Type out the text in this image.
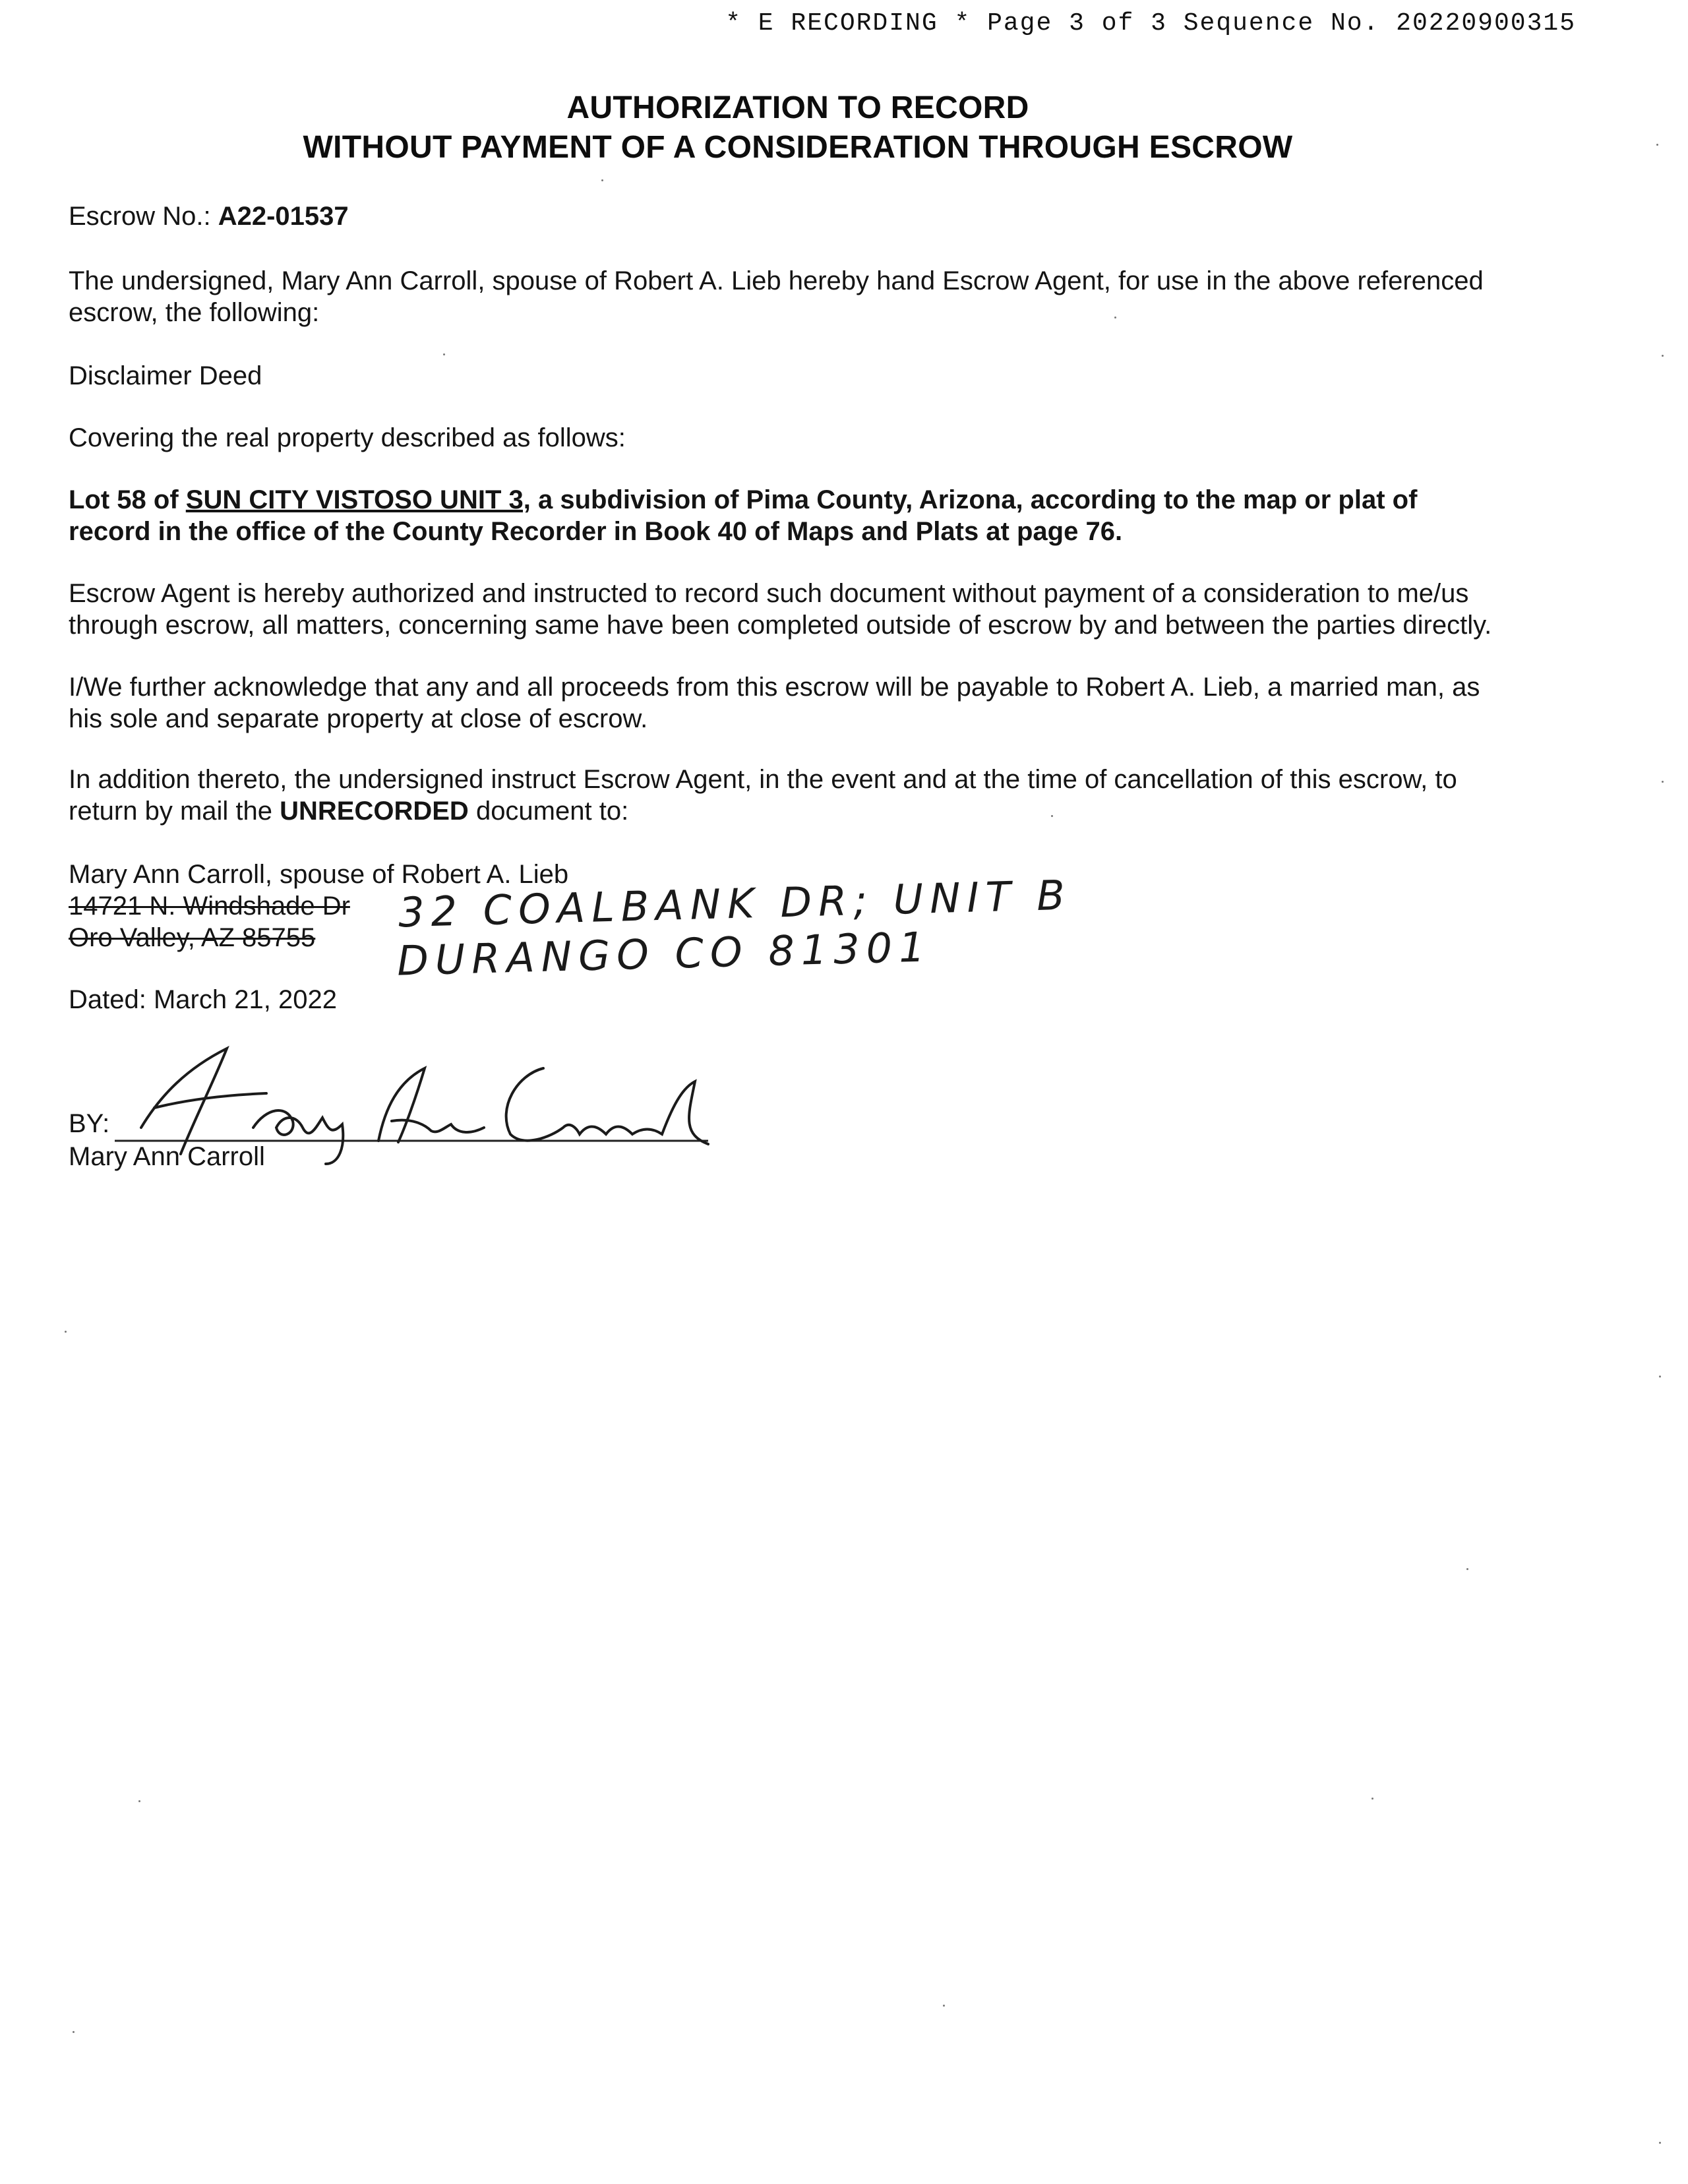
* E RECORDING * Page 3 of 3 Sequence No. 20220900315
AUTHORIZATION TO RECORD
WITHOUT PAYMENT OF A CONSIDERATION THROUGH ESCROW
Escrow No.: A22-01537
The undersigned, Mary Ann Carroll, spouse of Robert A. Lieb hereby hand Escrow Agent, for use in the above referenced
escrow, the following:
Disclaimer Deed
Covering the real property described as follows:
Lot 58 of SUN CITY VISTOSO UNIT 3, a subdivision of Pima County, Arizona, according to the map or plat of
record in the office of the County Recorder in Book 40 of Maps and Plats at page 76.
Escrow Agent is hereby authorized and instructed to record such document without payment of a consideration to me/us
through escrow, all matters, concerning same have been completed outside of escrow by and between the parties directly.
I/We further acknowledge that any and all proceeds from this escrow will be payable to Robert A. Lieb, a married man, as
his sole and separate property at close of escrow.
In addition thereto, the undersigned instruct Escrow Agent, in the event and at the time of cancellation of this escrow, to
return by mail the UNRECORDED document to:
Mary Ann Carroll, spouse of Robert A. Lieb
14721 N. Windshade Dr
Oro Valley, AZ 85755
32 COALBANK DR; UNIT B
DURANGO CO 81301
Dated: March 21, 2022
BY:
Mary Ann Carroll
